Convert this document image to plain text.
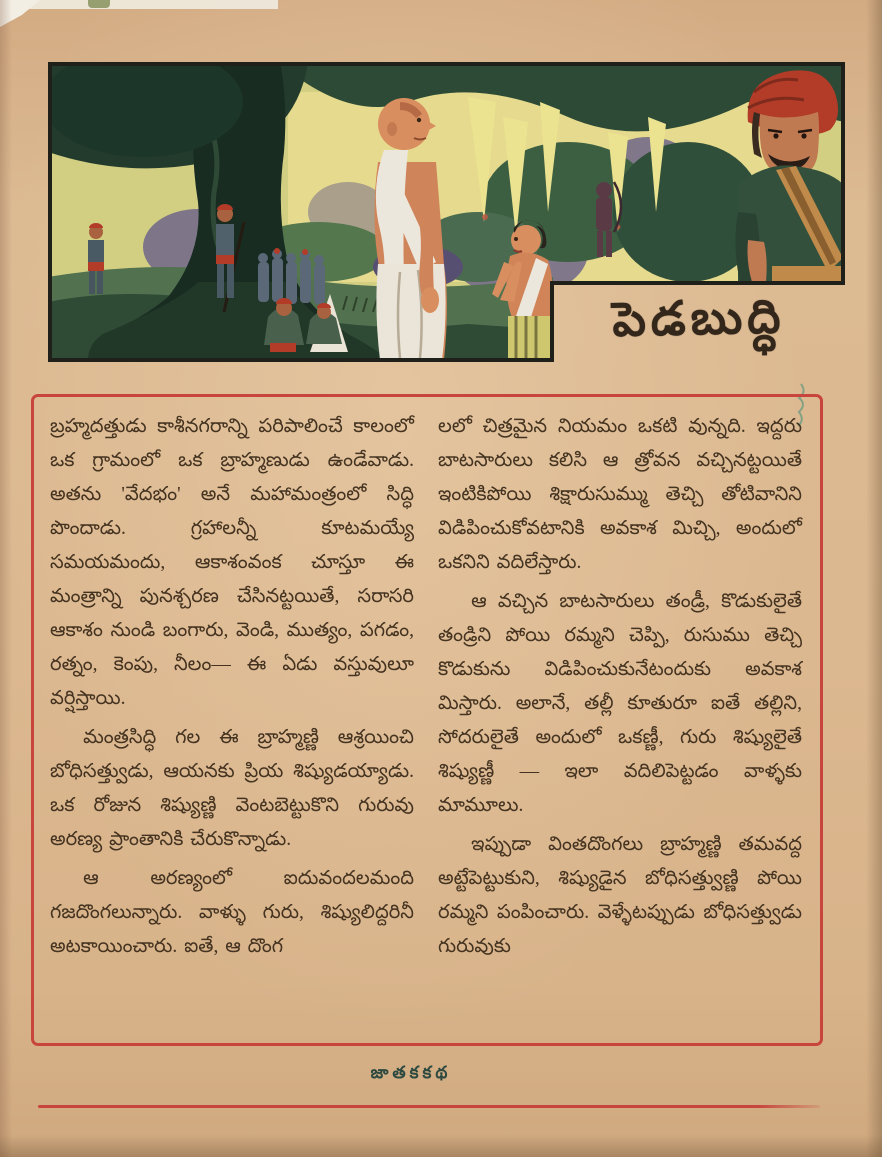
పెడబుద్ధి

బ్రహ్మదత్తుడు కాశీనగరాన్ని పరిపాలించే కాలంలో ఒక గ్రామంలో ఒక బ్రాహ్మణుడు ఉండేవాడు. అతను 'వేదభం' అనే మహామంత్రంలో సిద్ధి పొందాడు. గ్రహాలన్నీ కూటమయ్యే సమయమందు, ఆకాశంవంక చూస్తూ ఈ మంత్రాన్ని పునశ్చరణ చేసినట్టయితే, సరాసరి ఆకాశం నుండి బంగారు, వెండి, ముత్యం, పగడం, రత్నం, కెంపు, నీలం— ఈ ఏడు వస్తువులూ వర్షిస్తాయి.

మంత్రసిద్ధి గల ఈ బ్రాహ్మణ్ణి ఆశ్రయించి బోధిసత్త్వుడు, ఆయనకు ప్రియ శిష్యుడయ్యాడు. ఒక రోజున శిష్యుణ్ణి వెంటబెట్టుకొని గురువు అరణ్య ప్రాంతానికి చేరుకొన్నాడు.

ఆ అరణ్యంలో ఐదువందలమంది గజదొంగలున్నారు. వాళ్ళు గురు, శిష్యులిద్దరినీ అటకాయించారు. ఐతే, ఆ దొంగ

లలో చిత్రమైన నియమం ఒకటి వున్నది. ఇద్దరు బాటసారులు కలిసి ఆ త్రోవన వచ్చినట్టయితే ఇంటికిపోయి శిక్షారుసుమ్ము తెచ్చి తోటివానిని విడిపించుకోవటానికి అవకాశ మిచ్చి, అందులో ఒకనిని వదిలేస్తారు.

ఆ వచ్చిన బాటసారులు తండ్రీ, కొడుకులైతే తండ్రిని పోయి రమ్మని చెప్పి, రుసుము తెచ్చి కొడుకును విడిపించుకునేటందుకు అవకాశ మిస్తారు. అలానే, తల్లీ కూతురూ ఐతే తల్లిని, సోదరులైతే అందులో ఒకణ్ణీ, గురు శిష్యులైతే శిష్యుణ్ణీ — ఇలా వదిలిపెట్టడం వాళ్ళకు మామూలు.

ఇప్పుడా వింతదొంగలు బ్రాహ్మణ్ణి తమవద్ద అట్టేపెట్టుకుని, శిష్యుడైన బోధిసత్త్వుణ్ణి పోయి రమ్మని పంపించారు. వెళ్ళేటప్పుడు బోధిసత్త్వుడు గురువుకు

జాతకకథ
